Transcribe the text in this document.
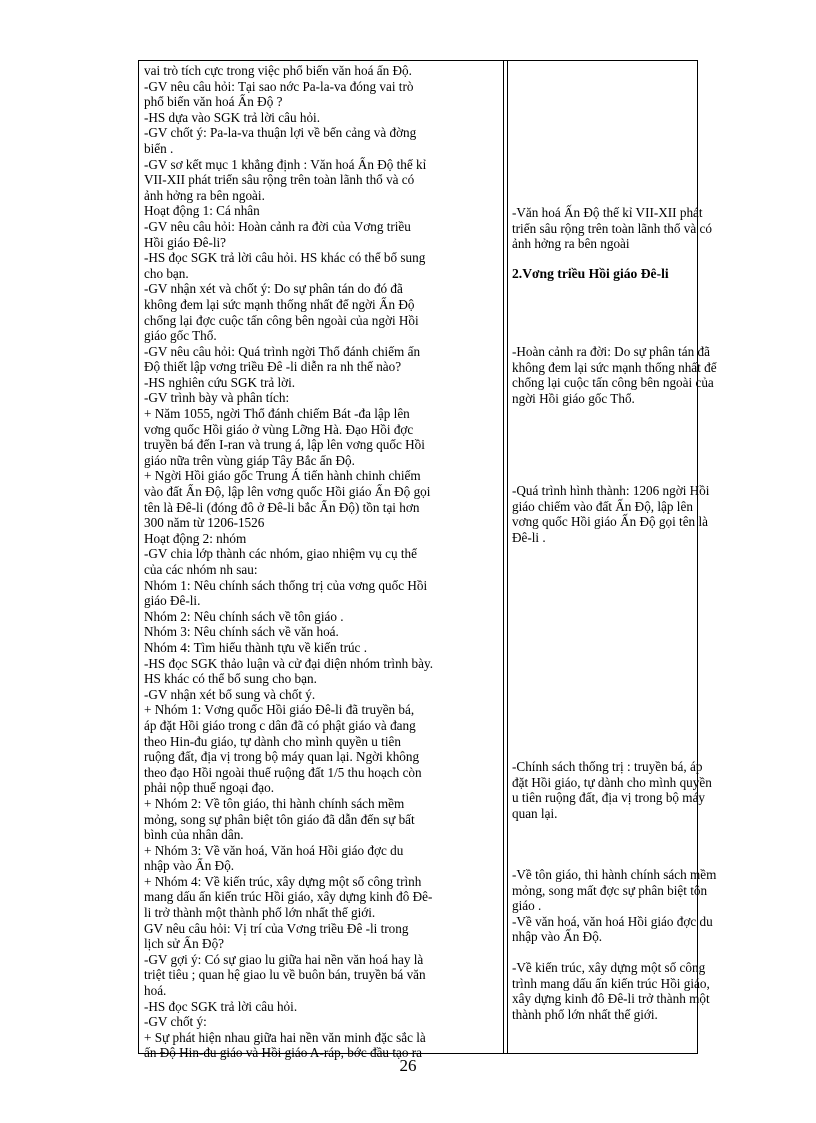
vai trò tích cực trong việc phổ biến văn hoá ấn Độ.
-GV nêu câu hỏi: Tại sao nớc Pa-la-va đóng vai trò
phổ biến văn hoá Ấn Độ ?
-HS dựa vào SGK trả lời câu hỏi.
-GV chốt ý: Pa-la-va thuận lợi về bến cảng và đờng
biển .
-GV sơ kết mục 1 khẳng định : Văn hoá Ấn Độ thế kỉ
VII-XII phát triển sâu rộng trên toàn lãnh thổ và có
ảnh hởng ra bên ngoài.
Hoạt động 1: Cá nhân
-GV nêu câu hỏi: Hoàn cảnh ra đời của Vơng triều
Hồi giáo Đê-li?
-HS đọc SGK trả lời câu hỏi. HS khác có thể bổ sung
cho bạn.
-GV nhận xét và chốt ý: Do sự phân tán do đó đã
không đem lại sức mạnh thống nhất để ngời Ấn Độ
chống lại đợc cuộc tấn công bên ngoài của ngời Hồi
giáo gốc Thổ.
-GV nêu câu hỏi: Quá trình ngời Thổ đánh chiếm ấn
Độ thiết lập vơng triều Đê -li diễn ra nh thế nào?
-HS nghiên cứu SGK trả lời.
-GV trình bày và phân tích:
+ Năm 1055, ngời Thổ đánh chiếm Bát -đa lập lên
vơng quốc Hồi giáo ở vùng Lỡng Hà. Đạo Hồi đợc
truyền bá đến I-ran và trung á, lập lên vơng quốc Hồi
giáo nữa trên vùng giáp Tây Bắc ấn Độ.
+ Ngời Hồi giáo gốc Trung Á tiến hành chinh chiếm
vào đất Ấn Độ, lập lên vơng quốc Hồi giáo Ấn Độ gọi
tên là Đê-li (đóng đô ở Đê-li bắc Ấn Độ) tồn tại hơn
300 năm từ 1206-1526
Hoạt động 2: nhóm
-GV chia lớp thành các nhóm, giao nhiệm vụ cụ thể
của các nhóm nh sau:
Nhóm 1: Nêu chính sách thống trị của vơng quốc Hồi
giáo Đê-li.
Nhóm 2: Nêu chính sách về tôn giáo .
Nhóm 3: Nêu chính sách về văn hoá.
Nhóm 4: Tìm hiểu thành tựu về kiến trúc .
-HS đọc SGK thảo luận và cử đại diện nhóm trình bày.
HS khác có thể bổ sung cho bạn.
-GV nhận xét bổ sung và chốt ý.
+ Nhóm 1: Vơng quốc Hồi giáo Đê-li đã truyền bá,
áp đặt Hồi giáo trong c dân đã có phật giáo và đang
theo Hin-đu giáo, tự dành cho mình quyền u tiên
ruộng đất, địa vị trong bộ máy quan lại. Ngời không
theo đạo Hồi ngoài thuế ruộng đất 1/5 thu hoạch còn
phải nộp thuế ngoại đạo.
+ Nhóm 2: Về tôn giáo, thi hành chính sách mềm
mỏng, song sự phân biệt tôn giáo đã dẫn đến sự bất
bình của nhân dân.
+ Nhóm 3: Về văn hoá, Văn hoá Hồi giáo đợc du
nhập vào Ấn Độ.
+ Nhóm 4: Về kiến trúc, xây dựng một số công trình
mang dấu ấn kiến trúc Hồi giáo, xây dựng kinh đô Đê-
li trở thành một thành phố lớn nhất thế giới.
GV nêu câu hỏi: Vị trí của Vơng triều Đê -li trong
lịch sử Ấn Độ?
-GV gợi ý: Có sự giao lu giữa hai nền văn hoá hay là
triệt tiêu ; quan hệ giao lu về buôn bán, truyền bá văn
hoá.
-HS đọc SGK trả lời câu hỏi.
-GV chốt ý:
+ Sự phát hiện nhau giữa hai nền văn minh đặc sắc là
ấn Độ Hin-đu giáo và Hồi giáo A-ráp, bớc đầu tạo ra
-Văn hoá Ấn Độ thế kỉ VII-XII phát
triển sâu rộng trên toàn lãnh thổ và có
ảnh hởng ra bên ngoài
2.Vơng triều Hồi giáo Đê-li
-Hoàn cảnh ra đời: Do sự phân tán đã
không đem lại sức mạnh thống nhất để
chống lại cuộc tấn công bên ngoài của
ngời Hồi giáo gốc Thổ.
-Quá trình hình thành: 1206 ngời Hồi
giáo chiếm vào đất Ấn Độ, lập lên
vơng quốc Hồi giáo Ấn Độ gọi tên là
Đê-li .
-Chính sách thống trị : truyền bá, áp
đặt Hồi giáo, tự dành cho mình quyền
u tiên ruộng đất, địa vị trong bộ máy
quan lại.
-Về tôn giáo, thi hành chính sách mềm
mỏng, song mất đợc sự phân biệt tôn
giáo .
-Về văn hoá, văn hoá Hồi giáo đợc du
nhập vào Ấn Độ.
-Về kiến trúc, xây dựng một số công
trình mang dấu ấn kiến trúc Hồi giáo,
xây dựng kinh đô Đê-li trở thành một
thành phố lớn nhất thế giới.
26
